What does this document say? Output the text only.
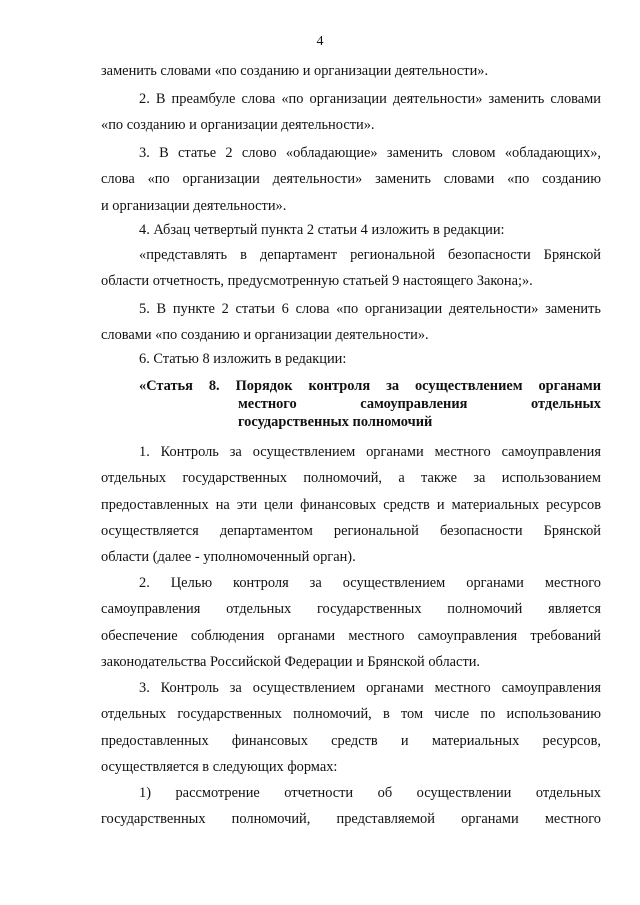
4
заменить словами «по созданию и организации деятельности».
2. В преамбуле слова «по организации деятельности» заменить словами
«по созданию и организации деятельности».
3. В статье 2 слово «обладающие» заменить словом «обладающих»,
слова «по организации деятельности» заменить словами «по созданию
и организации деятельности».
4. Абзац четвертый пункта 2 статьи 4 изложить в редакции:
«представлять в департамент региональной безопасности Брянской
области отчетность, предусмотренную статьей 9 настоящего Закона;».
5. В пункте 2 статьи 6 слова «по организации деятельности» заменить
словами «по созданию и организации деятельности».
6. Статью 8 изложить в редакции:
«Статья 8. Порядок контроля за осуществлением органами
местного	самоуправления	отдельных
государственных полномочий
1. Контроль за осуществлением органами местного самоуправления
отдельных государственных полномочий, а также за использованием
предоставленных на эти цели финансовых средств и материальных ресурсов
осуществляется департаментом региональной безопасности Брянской
области (далее - уполномоченный орган).
2. Целью контроля за осуществлением органами местного
самоуправления отдельных государственных полномочий является
обеспечение соблюдения органами местного самоуправления требований
законодательства Российской Федерации и Брянской области.
3. Контроль за осуществлением органами местного самоуправления
отдельных государственных полномочий, в том числе по использованию
предоставленных финансовых средств и материальных ресурсов,
осуществляется в следующих формах:
1) рассмотрение отчетности об осуществлении отдельных
государственных полномочий, представляемой органами местного
